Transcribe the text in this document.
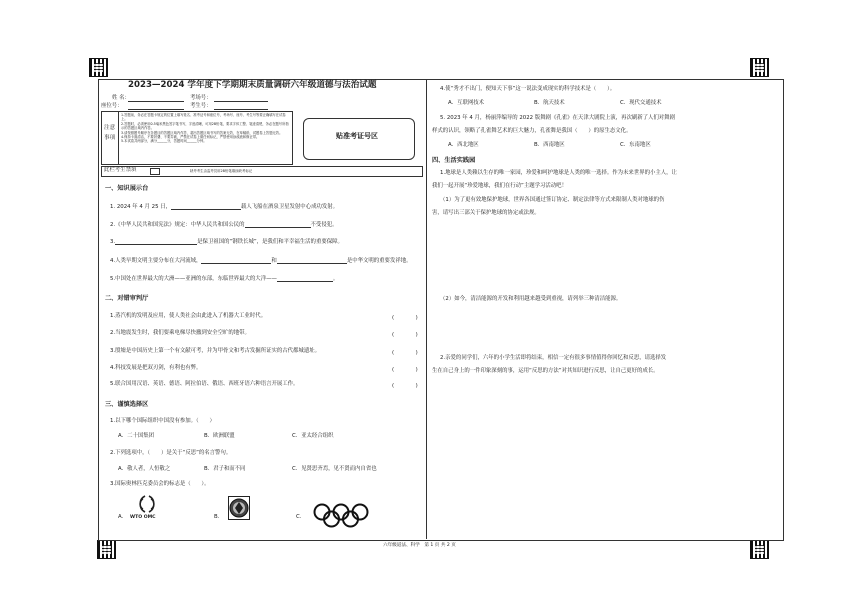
2023—2024 学年度下学期期末质量调研六年级道德与法治试题
姓 名：	考场号：
座位号：	考生号：
注意事项
1.答题前，务必在答题卡规定的位置上填写姓名、准考证号和座位号，考场号、座号、考生号等要正确填写在试卷上。
2.答题时，必须使用0.5毫米黑色签字笔书写，字迹清晰，可用2B铅笔，要求字体工整、笔迹清楚，务必在题号所指示的答题区域内作答。
3.请按照题号顺序在各题目的答题区域内作答，超出答题区域书写的答案无效，在草稿纸、试题卷上答题无效。
4.保持卡面清洁，不要折叠、不要弄破，严禁在试卷上做任何标记，严禁使用涂改液和修正带。
5.本试卷共两部分，满分______分，答题时间______分钟。
贴准考证号区
此栏考生禁填	缺考考生由监考员用2B铅笔填涂缺考标记
一、知识展示台
1. 2024 年 4 月 25 日，	载人飞船在酒泉卫星发射中心成功发射。
2.《中华人民共和国宪法》规定：中华人民共和国公民的	不受侵犯。
3.	是保卫祖国的“钢铁长城”，是我们和平幸福生活的重要保障。
4.人类早期文明主要分布在大河流域，	和	是中华文明的重要发祥地。
5.中国处在世界最大的大洲——亚洲的东部，东临世界最大的大洋——	。
二、对错审判厅
1.蒸汽机的发明及应用，使人类社会由此进入了机器大工业时代。	(　　　　)
2.当地震发生时，我们要乘电梯尽快撤到安全空旷的地带。	(　　　　)
3.殷墟是中国历史上第一个有文献可考，并为甲骨文和考古发掘所证实的古代都城遗址。	(　　　　)
4.科技发展是把双刃剑，有利也有弊。	(　　　　)
5.联合国用汉语、英语、德语、阿拉伯语、俄语、西班牙语六种语言开展工作。	(　　　　)
三、谨慎选择区
1.以下哪个国际组织中国没有参加。（　　）
A．二十国集团	B．欧洲联盟	C．亚太经合组织
2.下列选项中，（　　）是关于“反思”的名言警句。
A．敬人者，人恒敬之	B．君子和而不同	C．见贤思齐焉，见不贤而内自省也
3.国际奥林匹克委员会的标志是（　　）。
A.	B.	C.
WTO OMC
4.使“秀才不出门，便知天下事”这一说法变成现实的科学技术是（　　）。
A．互联网技术	B．航天技术	C．现代交通技术
5. 2023 年 4 月，杨丽萍编导的 2022 版舞剧《孔雀》在天津大剧院上演，再次刷新了人们对舞剧
样式的认识，领略了孔雀舞艺术的巨大魅力，孔雀舞是我国（　　）的原生态文化。
A．西北地区	B．西南地区	C．东南地区
四、生活实践园
1.地球是人类赖以生存的唯一家园，珍爱和呵护地球是人类的唯一选择。作为未来世界的小主人，让
我们一起开展“珍爱地球，我们在行动”主题学习活动吧！
（1）为了更有效地保护地球，世界各国通过签订协定、制定法律等方式来限制人类对地球的伤
害，请写出三部关于保护地球的协定或法规。
（2）如今，清洁能源的开发和利用越来越受到重视，请列举三种清洁能源。
2.亲爱的同学们，六年的小学生活即将结束，相信一定有很多事情值得你回忆和反思，请选择发
生在自己身上的一件印象深刻的事，运用“反思的方法”对其知识进行反思，让自己更好的成长。
六年级道法、科学　第 1 页 共 2 页
